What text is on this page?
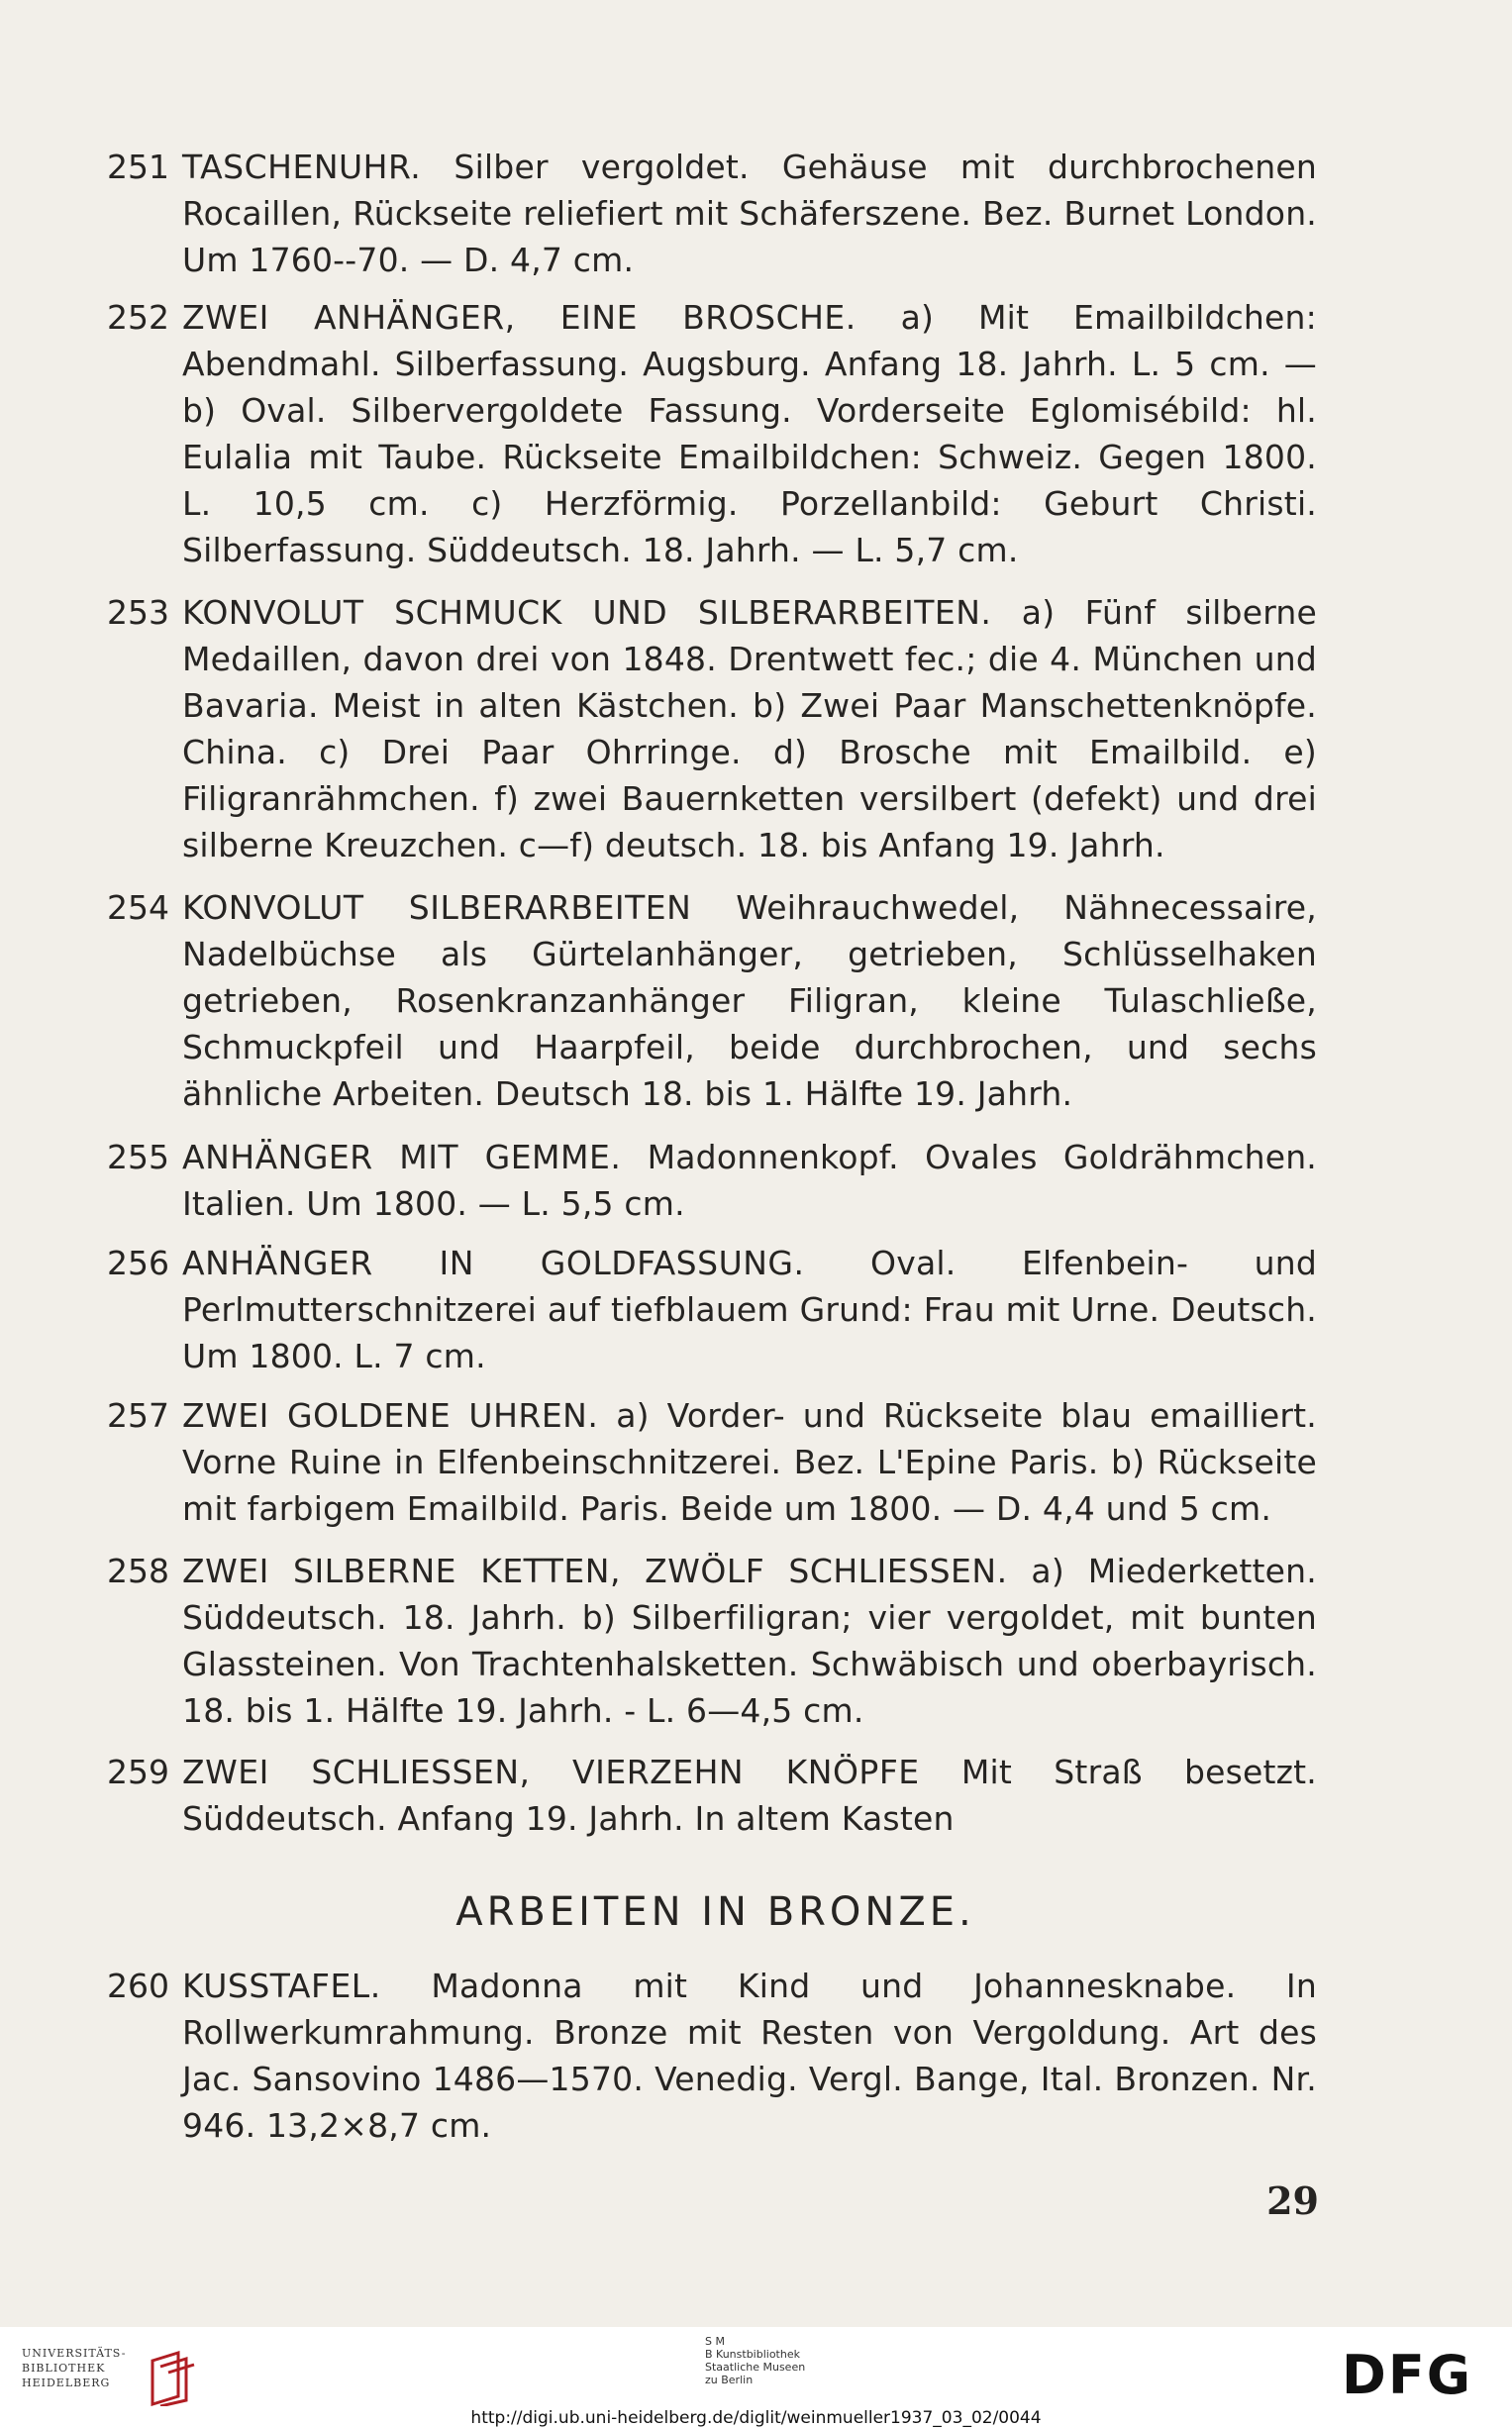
251 TASCHENUHR. Silber vergoldet. Gehäuse mit durchbrochenen Rocaillen, Rückseite reliefiert mit Schäferszene. Bez. Burnet London. Um 1760--70. — D. 4,7 cm.
252 ZWEI ANHÄNGER, EINE BROSCHE. a) Mit Emailbildchen: Abendmahl. Silberfassung. Augsburg. Anfang 18. Jahrh. L. 5 cm. — b) Oval. Silbervergoldete Fassung. Vorderseite Eglomisébild: hl. Eulalia mit Taube. Rückseite Emailbildchen: Schweiz. Gegen 1800. L. 10,5 cm. c) Herzförmig. Porzellanbild: Geburt Christi. Silberfassung. Süddeutsch. 18. Jahrh. — L. 5,7 cm.
253 KONVOLUT SCHMUCK UND SILBERARBEITEN. a) Fünf silberne Medaillen, davon drei von 1848. Drentwett fec.; die 4. München und Bavaria. Meist in alten Kästchen. b) Zwei Paar Manschettenknöpfe. China. c) Drei Paar Ohrringe. d) Brosche mit Emailbild. e) Filigranrähmchen. f) zwei Bauernketten versilbert (defekt) und drei silberne Kreuzchen. c—f) deutsch. 18. bis Anfang 19. Jahrh.
254 KONVOLUT SILBERARBEITEN Weihrauchwedel, Nähnecessaire, Nadelbüchse als Gürtelanhänger, getrieben, Schlüsselhaken getrieben, Rosenkranzanhänger Filigran, kleine Tulaschließe, Schmuckpfeil und Haarpfeil, beide durchbrochen, und sechs ähnliche Arbeiten. Deutsch 18. bis 1. Hälfte 19. Jahrh.
255 ANHÄNGER MIT GEMME. Madonnenkopf. Ovales Goldrähmchen. Italien. Um 1800. — L. 5,5 cm.
256 ANHÄNGER IN GOLDFASSUNG. Oval. Elfenbein- und Perlmutterschnitzerei auf tiefblauem Grund: Frau mit Urne. Deutsch. Um 1800. L. 7 cm.
257 ZWEI GOLDENE UHREN. a) Vorder- und Rückseite blau emailliert. Vorne Ruine in Elfenbeinschnitzerei. Bez. L'Epine Paris. b) Rückseite mit farbigem Emailbild. Paris. Beide um 1800. — D. 4,4 und 5 cm.
258 ZWEI SILBERNE KETTEN, ZWÖLF SCHLIESSEN. a) Miederketten. Süddeutsch. 18. Jahrh. b) Silberfiligran; vier vergoldet, mit bunten Glassteinen. Von Trachtenhalsketten. Schwäbisch und oberbayrisch. 18. bis 1. Hälfte 19. Jahrh. - L. 6—4,5 cm.
259 ZWEI SCHLIESSEN, VIERZEHN KNÖPFE Mit Straß besetzt. Süddeutsch. Anfang 19. Jahrh. In altem Kasten
ARBEITEN IN BRONZE.
260 KUSSTAFEL. Madonna mit Kind und Johannesknabe. In Rollwerkumrahmung. Bronze mit Resten von Vergoldung. Art des Jac. Sansovino 1486—1570. Venedig. Vergl. Bange, Ital. Bronzen. Nr. 946. 13,2×8,7 cm.
29
UNIVERSITÄTS-
BIBLIOTHEK
HEIDELBERG
S M
B Kunstbibliothek
Staatliche Museen
zu Berlin	DFG
http://digi.ub.uni-heidelberg.de/diglit/weinmueller1937_03_02/0044
